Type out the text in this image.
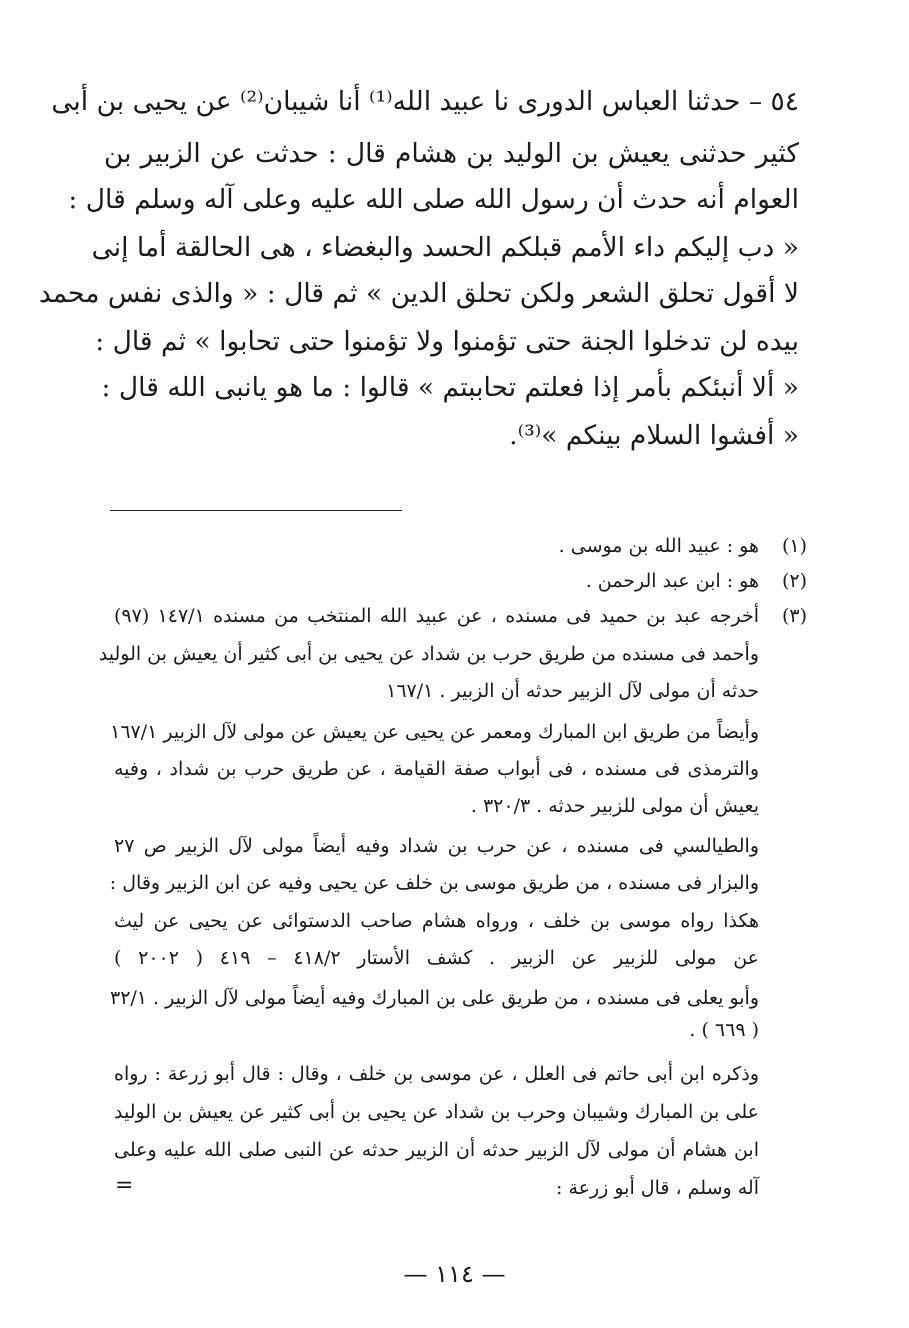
٥٤ – حدثنا العباس الدورى نا عبيد الله⁽¹⁾ أنا شيبان⁽²⁾ عن يحيى بن أبى
كثير حدثنى يعيش بن الوليد بن هشام قال : حدثت عن الزبير بن
العوام أنه حدث أن رسول الله صلى الله عليه وعلى آله وسلم قال :
« دب إليكم داء الأمم قبلكم الحسد والبغضاء ، هى الحالقة أما إنى
لا أقول تحلق الشعر ولكن تحلق الدين » ثم قال : « والذى نفس محمد
بيده لن تدخلوا الجنة حتى تؤمنوا ولا تؤمنوا حتى تحابوا » ثم قال :
« ألا أنبئكم بأمر إذا فعلتم تحاببتم » قالوا : ما هو يانبى الله قال :
« أفشوا السلام بينكم »⁽³⁾.
(١)
هو : عبيد الله بن موسى .
(٢)
هو : ابن عبد الرحمن .
(٣)
أخرجه عبد بن حميد فى مسنده ، عن عبيد الله المنتخب من مسنده ١٤٧/١ (٩٧)
وأحمد فى مسنده من طريق حرب بن شداد عن يحيى بن أبى كثير أن يعيش بن الوليد
حدثه أن مولى لآل الزبير حدثه أن الزبير . ١٦٧/١
وأيضاً من طريق ابن المبارك ومعمر عن يحيى عن يعيش عن مولى لآل الزبير ١٦٧/١
والترمذى فى مسنده ، فى أبواب صفة القيامة ، عن طريق حرب بن شداد ، وفيه
يعيش أن مولى للزبير حدثه . ٣٢٠/٣ .
والطيالسي فى مسنده ، عن حرب بن شداد وفيه أيضاً مولى لآل الزبير ص ٢٧
والبزار فى مسنده ، من طريق موسى بن خلف عن يحيى وفيه عن ابن الزبير وقال :
هكذا رواه موسى بن خلف ، ورواه هشام صاحب الدستوائى عن يحيى عن ليث
عن مولى للزبير عن الزبير . كشف الأستار ٤١٨/٢ – ٤١٩ ( ٢٠٠٢ )
وأبو يعلى فى مسنده ، من طريق على بن المبارك وفيه أيضاً مولى لآل الزبير . ٣٢/١
( ٦٦٩ ) .
وذكره ابن أبى حاتم فى العلل ، عن موسى بن خلف ، وقال : قال أبو زرعة : رواه
على بن المبارك وشيبان وحرب بن شداد عن يحيى بن أبى كثير عن يعيش بن الوليد
ابن هشام أن مولى لآل الزبير حدثه أن الزبير حدثه عن النبى صلى الله عليه وعلى
آله وسلم ، قال أبو زرعة :
=
— ١١٤ —
